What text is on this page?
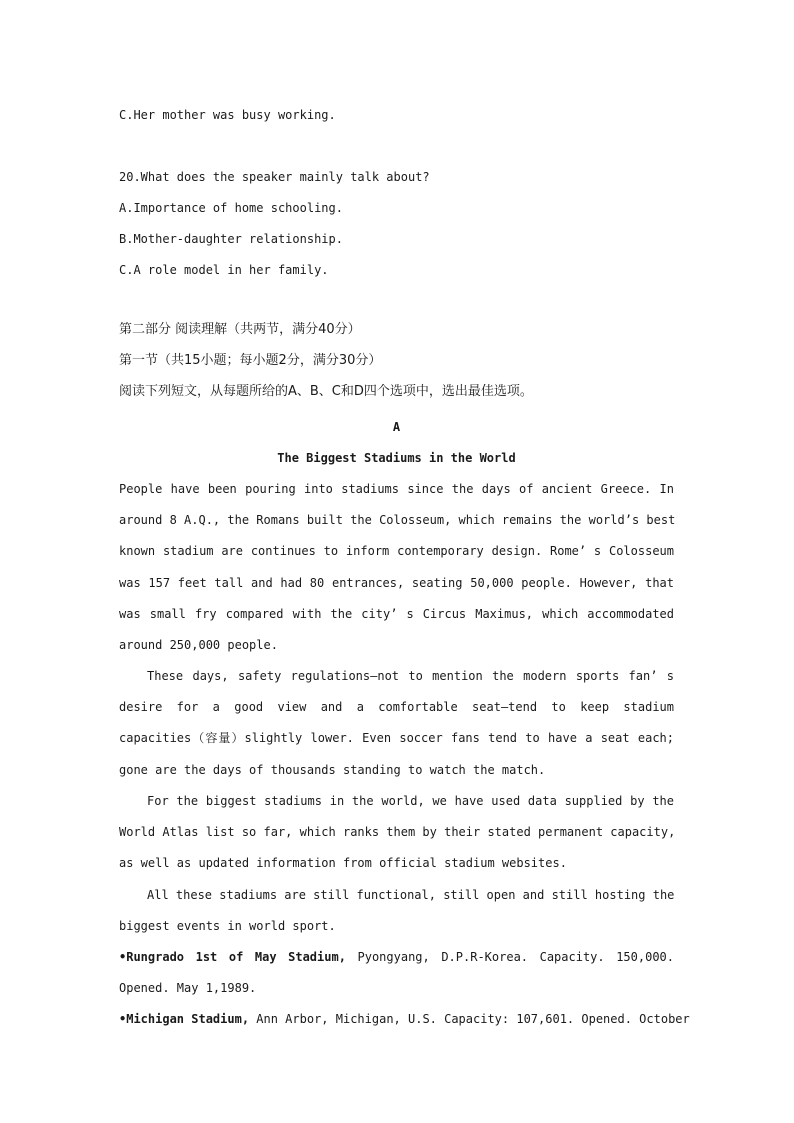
C.Her mother was busy working.
20.What does the speaker mainly talk about?
A.Importance of home schooling.
B.Mother-daughter relationship.
C.A role model in her family.
第二部分 阅读理解（共两节，满分40分）
第一节（共15小题；每小题2分，满分30分）
阅读下列短文，从每题所给的A、B、C和D四个选项中，选出最佳选项。
A
The Biggest Stadiums in the World
People have been pouring into stadiums since the days of ancient Greece. In
around 8 A.Q., the Romans built the Colosseum, which remains the world’s best
known stadium are continues to inform contemporary design. Rome’ s Colosseum
was 157 feet tall and had 80 entrances, seating 50,000 people. However, that
was small fry compared with the city’ s Circus Maximus, which accommodated
around 250,000 people.
These days, safety regulations—not to mention the modern sports fan’ s
desire for a good view and a comfortable seat—tend to keep stadium
capacities（容量）slightly lower. Even soccer fans tend to have a seat each;
gone are the days of thousands standing to watch the match.
For the biggest stadiums in the world, we have used data supplied by the
World Atlas list so far, which ranks them by their stated permanent capacity,
as well as updated information from official stadium websites.
All these stadiums are still functional, still open and still hosting the
biggest events in world sport.
•Rungrado 1st of May Stadium, Pyongyang, D.P.R-Korea. Capacity. 150,000.
Opened. May 1,1989.
•Michigan Stadium, Ann Arbor, Michigan, U.S. Capacity: 107,601. Opened. October
